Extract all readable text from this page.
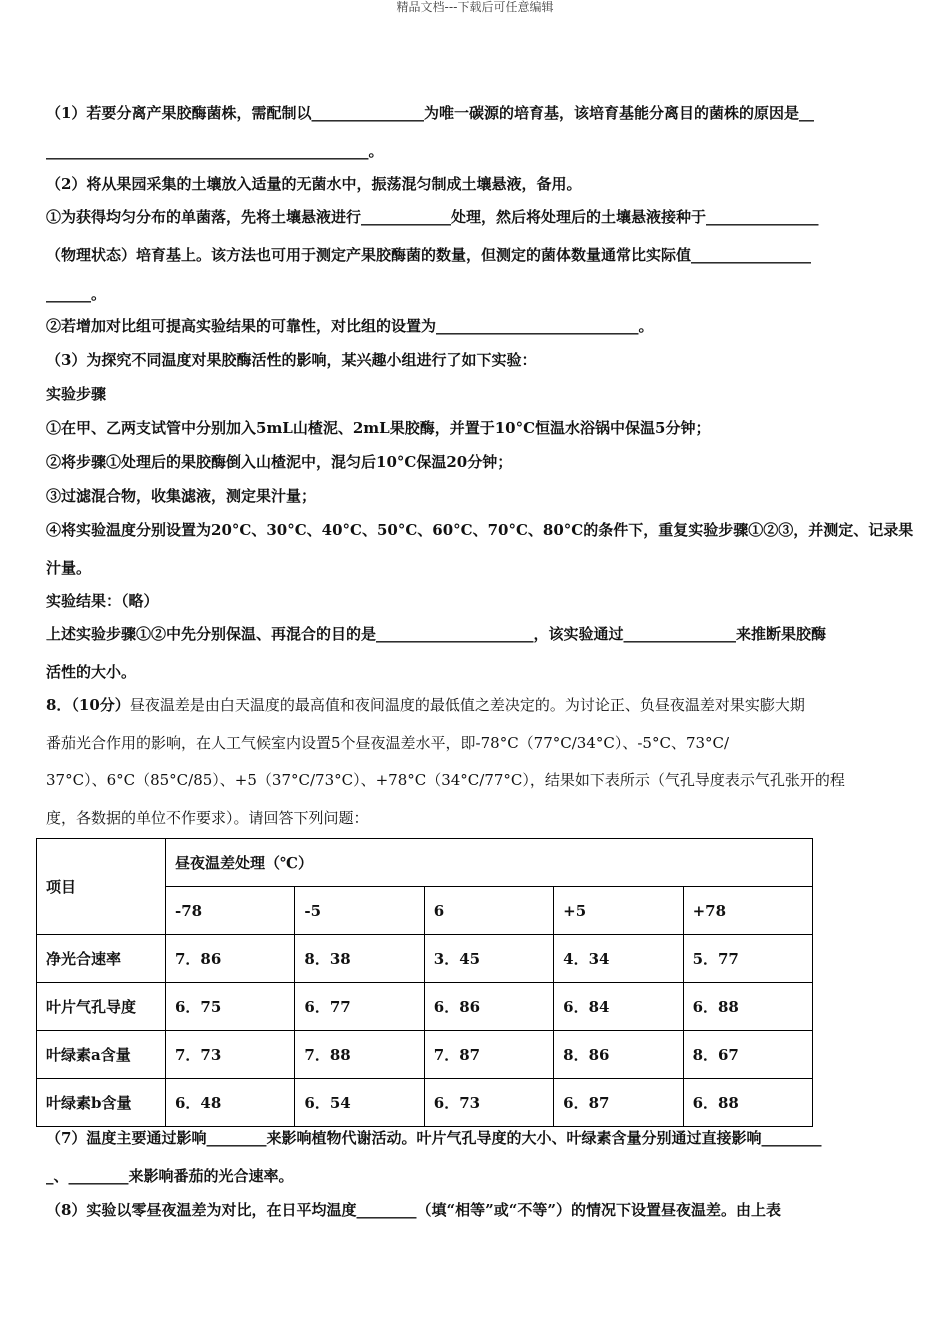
精品文档---下载后可任意编辑
（1）若要分离产果胶酶菌株，需配制以_______________为唯一碳源的培育基，该培育基能分离目的菌株的原因是__
___________________________________________。
（2）将从果园采集的土壤放入适量的无菌水中，振荡混匀制成土壤悬液，备用。
①为获得均匀分布的单菌落，先将土壤悬液进行____________处理，然后将处理后的土壤悬液接种于_______________
（物理状态）培育基上。该方法也可用于测定产果胶酶菌的数量，但测定的菌体数量通常比实际值________________
______。
②若增加对比组可提高实验结果的可靠性，对比组的设置为___________________________。
（3）为探究不同温度对果胶酶活性的影响，某兴趣小组进行了如下实验：
实验步骤
①在甲、乙两支试管中分别加入5mL山楂泥、2mL果胶酶，并置于10°C恒温水浴锅中保温5分钟；
②将步骤①处理后的果胶酶倒入山楂泥中，混匀后10°C保温20分钟；
③过滤混合物，收集滤液，测定果汁量；
④将实验温度分别设置为20°C、30°C、40°C、50°C、60°C、70°C、80°C的条件下，重复实验步骤①②③，并测定、记录果
汁量。
实验结果：（略）
上述实验步骤①②中先分别保温、再混合的目的是_____________________，该实验通过_______________来推断果胶酶
活性的大小。
8．（10分）昼夜温差是由白天温度的最高值和夜间温度的最低值之差决定的。为讨论正、负昼夜温差对果实膨大期
番茄光合作用的影响，在人工气候室内设置5个昼夜温差水平，即-78°C（77°C/34°C）、-5°C、73°C/
37°C）、6°C（85°C/85）、+5（37°C/73°C）、+78°C（34°C/77°C），结果如下表所示（气孔导度表示气孔张开的程
度，各数据的单位不作要求）。请回答下列问题：
项目	昼夜温差处理（℃）				
	-78	-5	6	+5	+78
净光合速率	7．86	8．38	3．45	4．34	5．77
叶片气孔导度	6．75	6．77	6．86	6．84	6．88
叶绿素a含量	7．73	7．88	7．87	8．86	8．67
叶绿素b含量	6．48	6．54	6．73	6．87	6．88
（7）温度主要通过影响________来影响植物代谢活动。叶片气孔导度的大小、叶绿素含量分别通过直接影响________
_、________来影响番茄的光合速率。
（8）实验以零昼夜温差为对比，在日平均温度________（填“相等”或“不等”）的情况下设置昼夜温差。由上表
